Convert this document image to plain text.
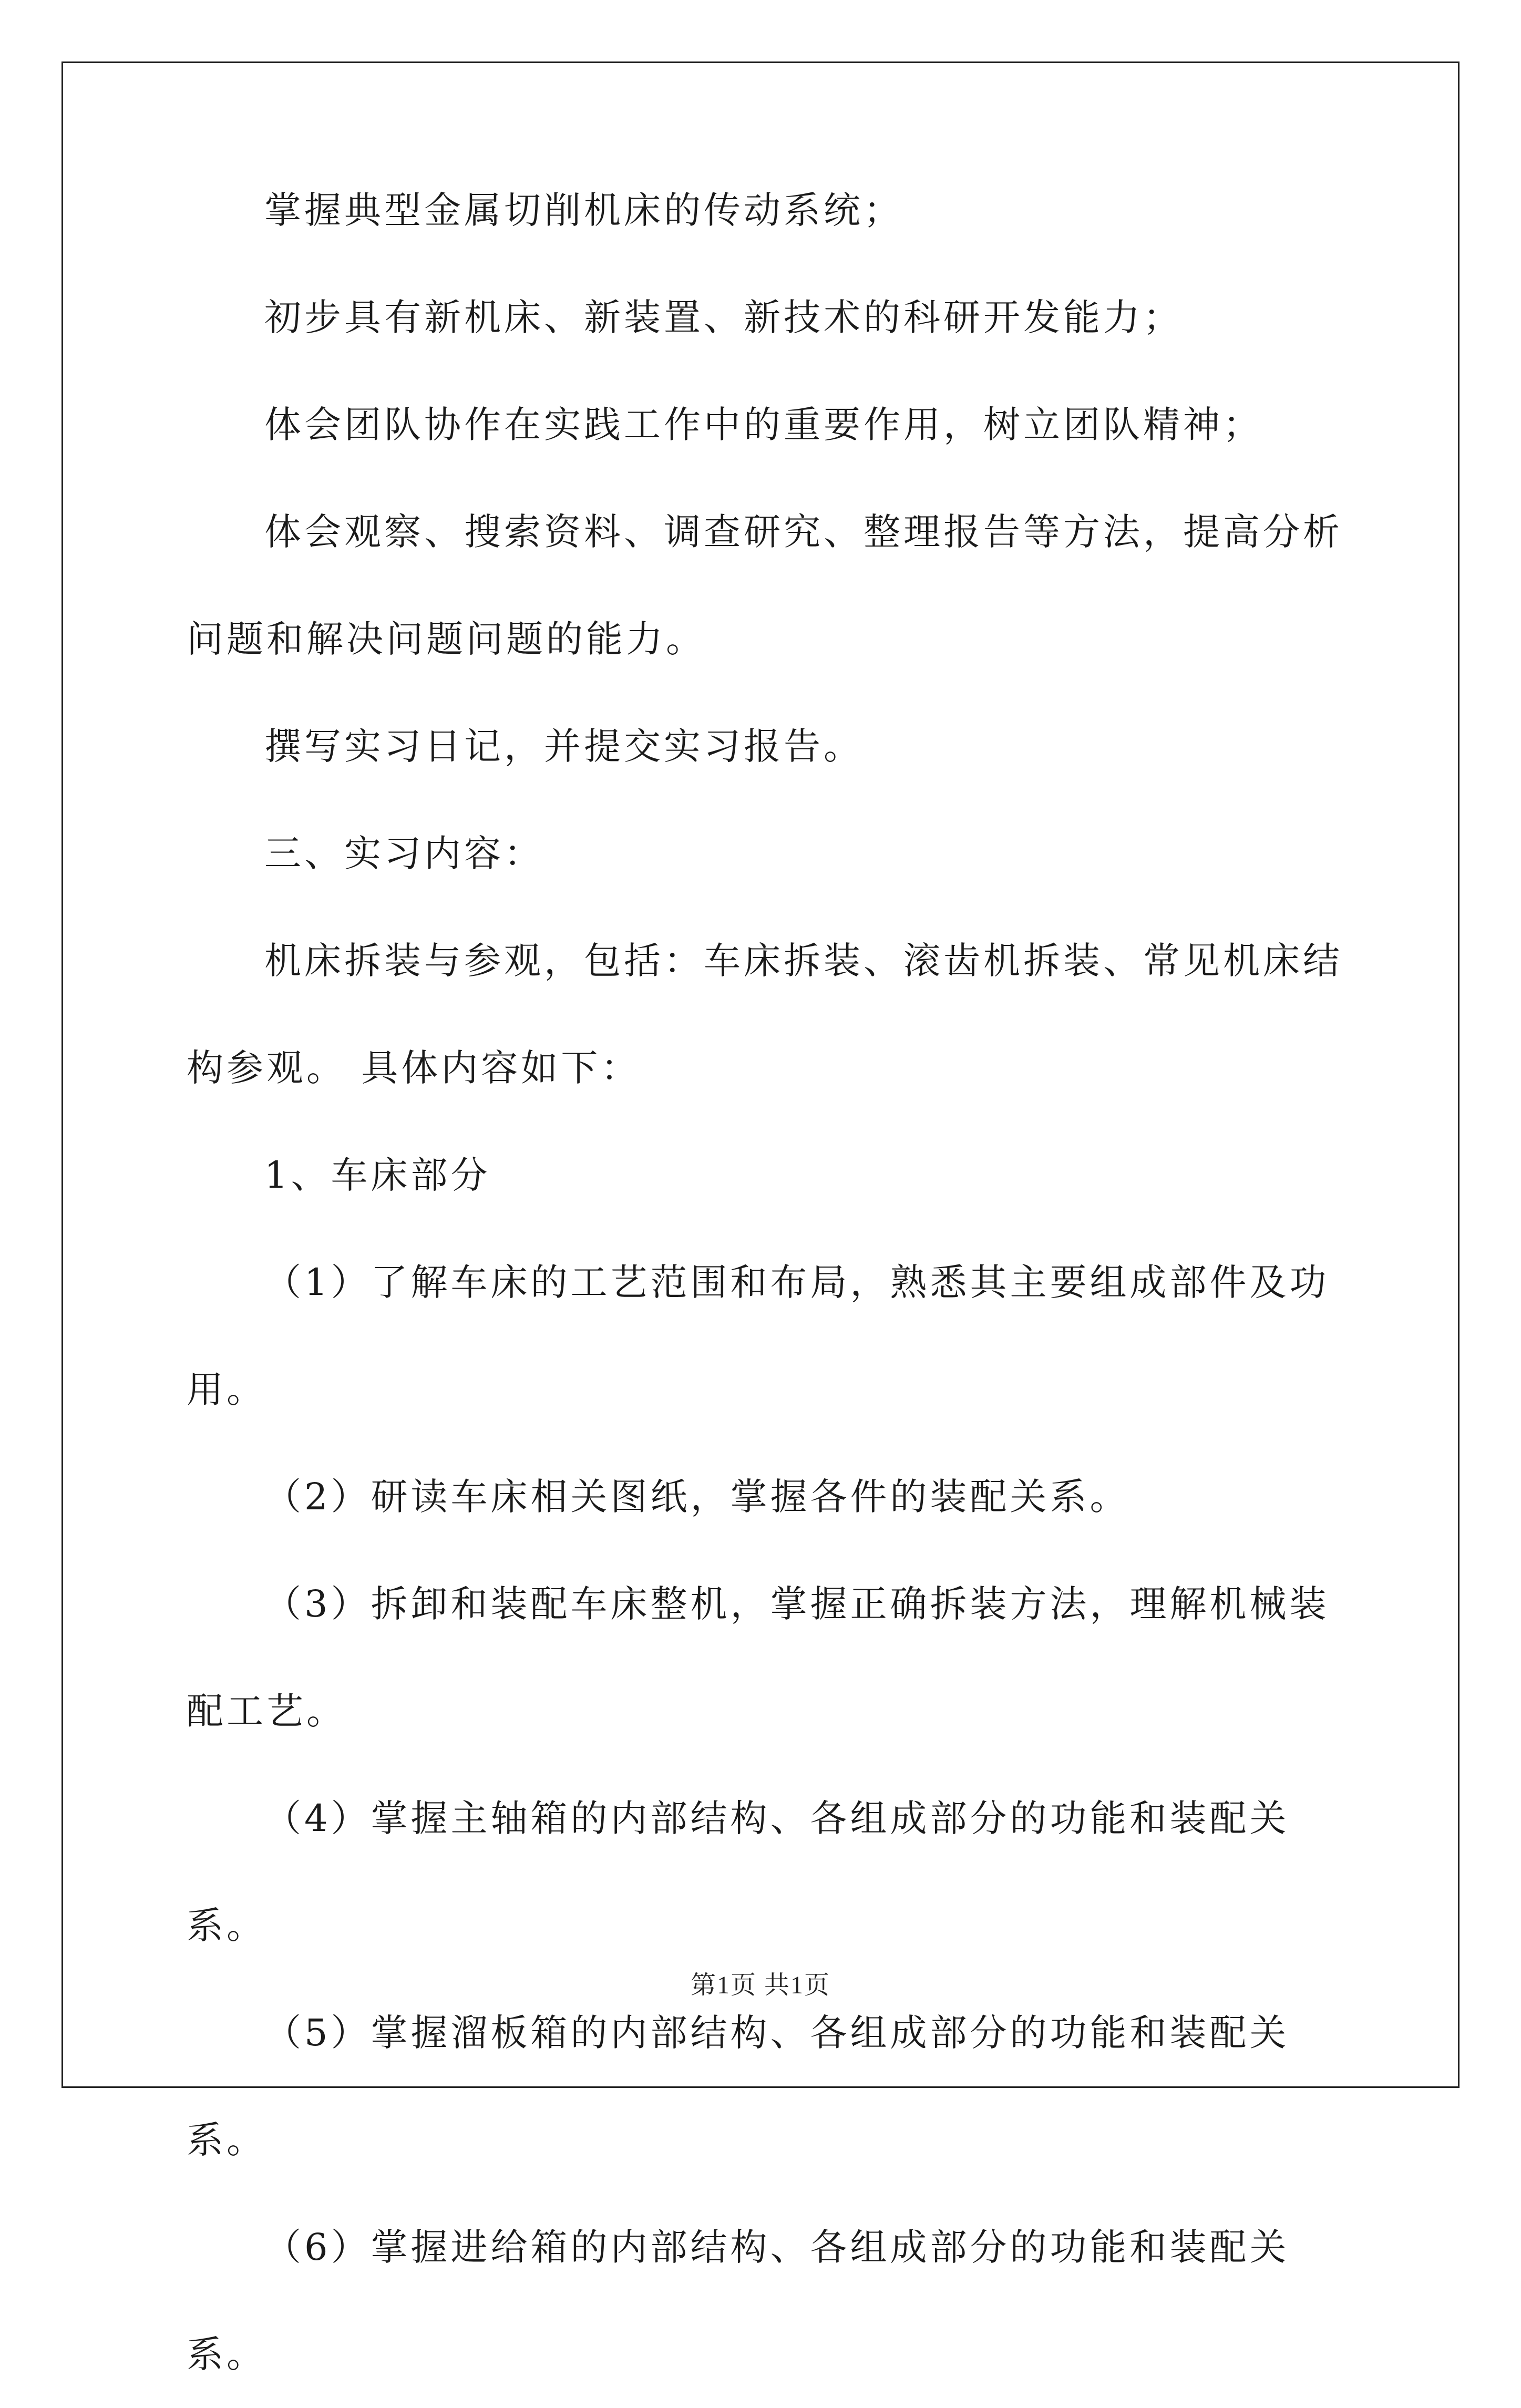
掌握典型金属切削机床的传动系统；

初步具有新机床、新装置、新技术的科研开发能力；

体会团队协作在实践工作中的重要作用，树立团队精神；

体会观察、搜索资料、调查研究、整理报告等方法，提高分析问题和解决问题问题的能力。

撰写实习日记，并提交实习报告。

三、实习内容：

机床拆装与参观，包括：车床拆装、滚齿机拆装、常见机床结构参观。 具体内容如下：

1、车床部分

（1）了解车床的工艺范围和布局，熟悉其主要组成部件及功用。

（2）研读车床相关图纸，掌握各件的装配关系。

（3）拆卸和装配车床整机，掌握正确拆装方法，理解机械装配工艺。

（4）掌握主轴箱的内部结构、各组成部分的功能和装配关系。

（5）掌握溜板箱的内部结构、各组成部分的功能和装配关系。

（6）掌握进给箱的内部结构、各组成部分的功能和装配关系。

第1页 共1页
